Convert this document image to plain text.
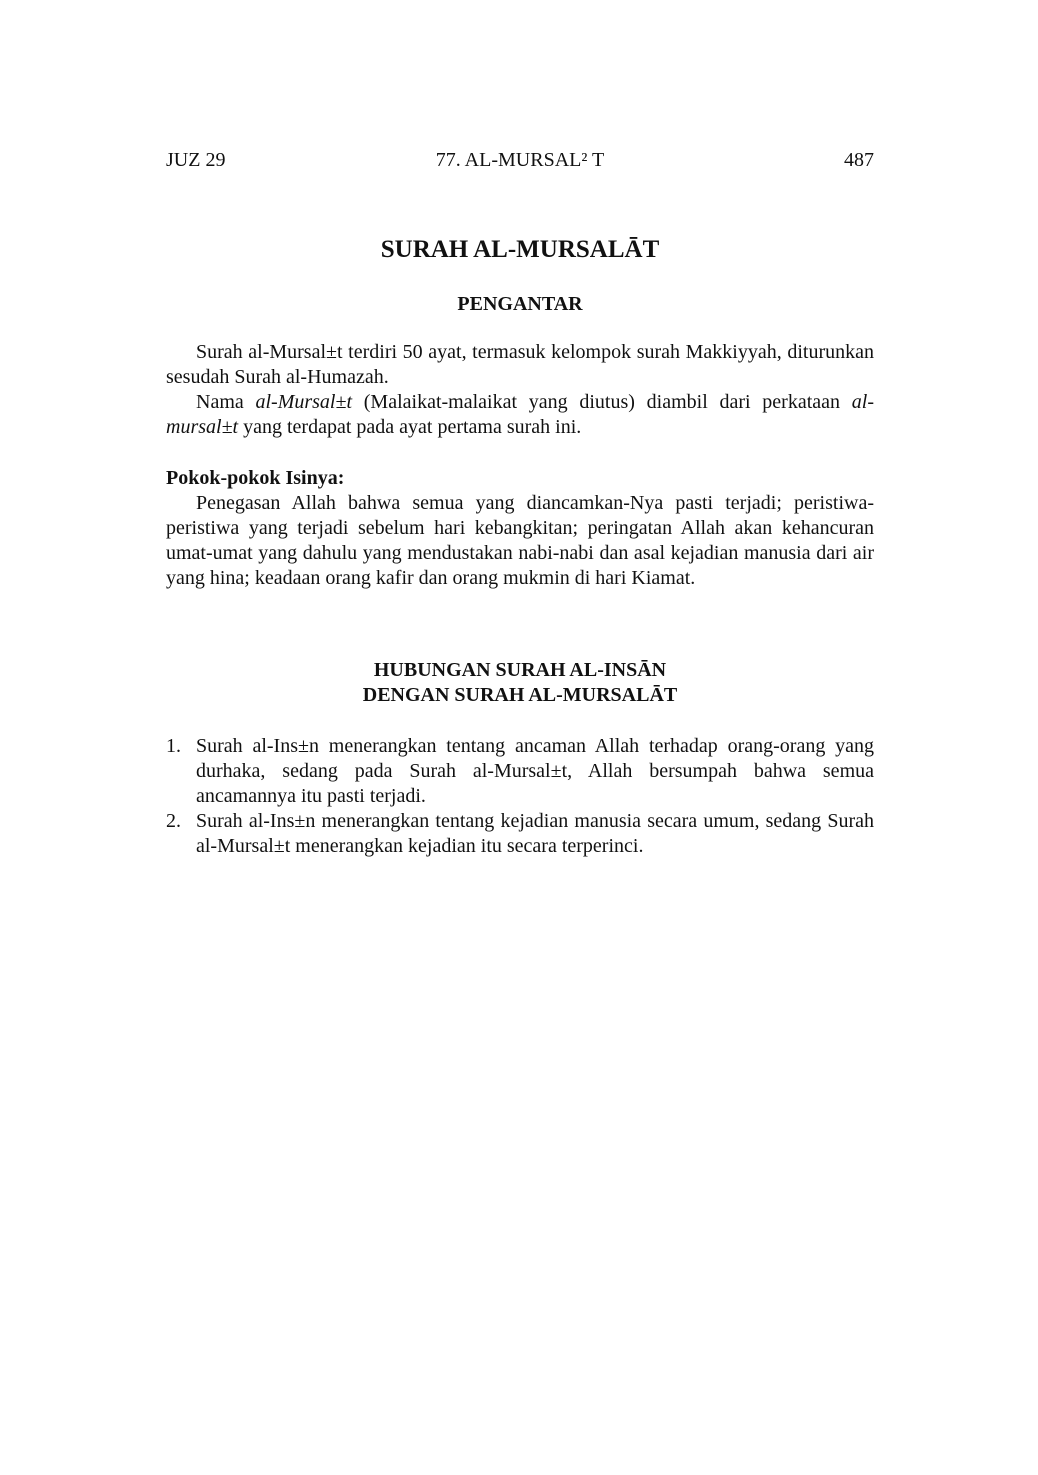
JUZ 29	77. AL-MURSAL² T	487
SURAH AL-MURSALĀT
PENGANTAR

Surah al-Mursal±t terdiri 50 ayat, termasuk kelompok surah Makkiyyah, diturunkan sesudah Surah al-Humazah.

Nama al-Mursal±t (Malaikat-malaikat yang diutus) diambil dari perkataan al-mursal±t yang terdapat pada ayat pertama surah ini.

Pokok-pokok Isinya:

Penegasan Allah bahwa semua yang diancamkan-Nya pasti terjadi; peristiwa-peristiwa yang terjadi sebelum hari kebangkitan; peringatan Allah akan kehancuran umat-umat yang dahulu yang mendustakan nabi-nabi dan asal kejadian manusia dari air yang hina; keadaan orang kafir dan orang mukmin di hari Kiamat.

HUBUNGAN SURAH AL-INSĀN
DENGAN SURAH AL-MURSALĀT
1. Surah al-Ins±n menerangkan tentang ancaman Allah terhadap orang-orang yang durhaka, sedang pada Surah al-Mursal±t, Allah bersumpah bahwa semua ancamannya itu pasti terjadi.
2. Surah al-Ins±n menerangkan tentang kejadian manusia secara umum, sedang Surah al-Mursal±t menerangkan kejadian itu secara terperinci.
